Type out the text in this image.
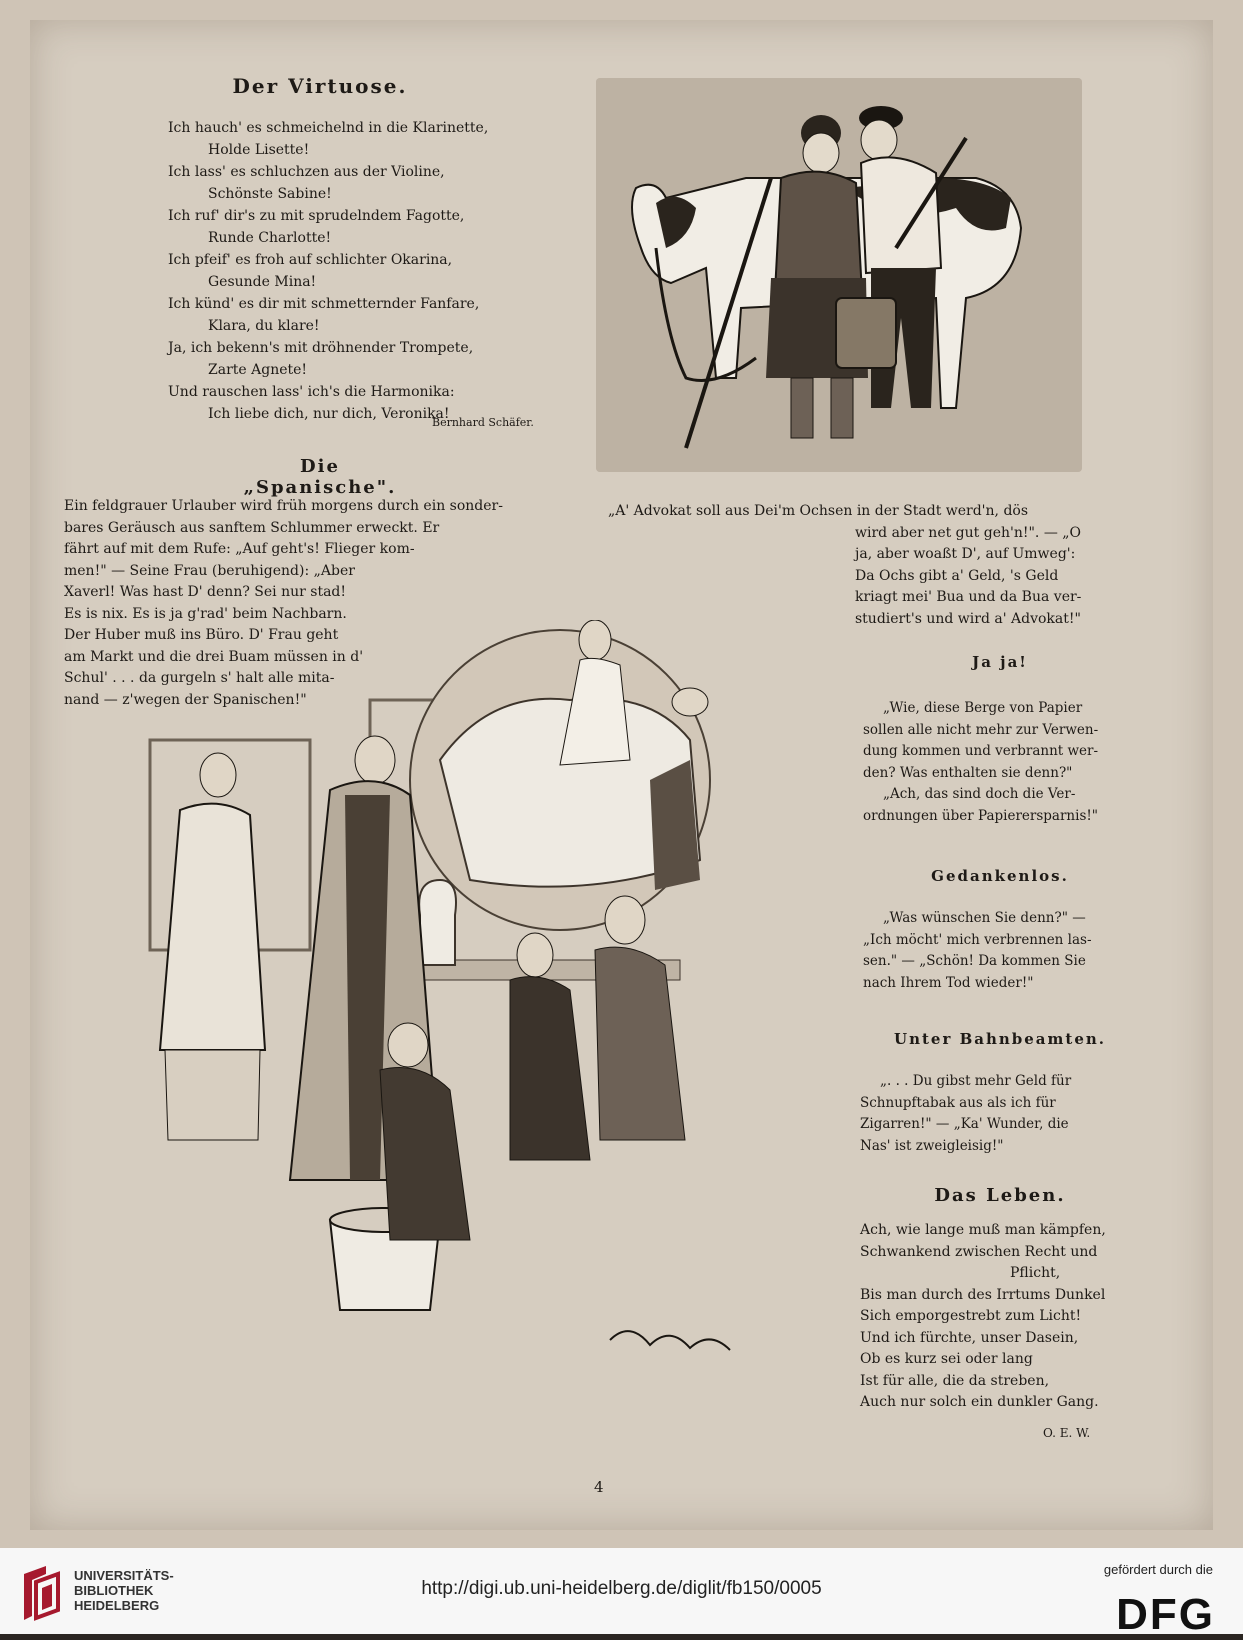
Der Virtuose.
Ich hauch' es schmeichelnd in die Klarinette,
Holde Lisette!
Ich lass' es schluchzen aus der Violine,
Schönste Sabine!
Ich ruf' dir's zu mit sprudelndem Fagotte,
Runde Charlotte!
Ich pfeif' es froh auf schlichter Okarina,
Gesunde Mina!
Ich künd' es dir mit schmetternder Fanfare,
Klara, du klare!
Ja, ich bekenn's mit dröhnender Trompete,
Zarte Agnete!
Und rauschen lass' ich's die Harmonika:
Ich liebe dich, nur dich, Veronika!
Bernhard Schäfer.
Die „Spanische".
Ein feldgrauer Urlauber wird früh morgens durch ein sonder-
bares Geräusch aus sanftem Schlummer erweckt. Er
fährt auf mit dem Rufe: „Auf geht's! Flieger kom-
men!" — Seine Frau (beruhigend): „Aber
Xaverl! Was hast D' denn? Sei nur stad!
Es is nix. Es is ja g'rad' beim Nachbarn.
Der Huber muß ins Büro. D' Frau geht
am Markt und die drei Buam müssen in d'
Schul' . . . da gurgeln s' halt alle mita-
nand — z'wegen der Spanischen!"
„A' Advokat soll aus Dei'm Ochsen in der Stadt werd'n, dös
wird aber net gut geh'n!". — „O
ja, aber woaßt D', auf Umweg':
Da Ochs gibt a' Geld, 's Geld
kriagt mei' Bua und da Bua ver-
studiert's und wird a' Advokat!"
Ja ja!
„Wie, diese Berge von Papier
sollen alle nicht mehr zur Verwen-
dung kommen und verbrannt wer-
den? Was enthalten sie denn?"
„Ach, das sind doch die Ver-
ordnungen über Papierersparnis!"
Gedankenlos.
„Was wünschen Sie denn?" —
„Ich möcht' mich verbrennen las-
sen." — „Schön! Da kommen Sie
nach Ihrem Tod wieder!"
Unter Bahnbeamten.
„. . . Du gibst mehr Geld für
Schnupftabak aus als ich für
Zigarren!" — „Ka' Wunder, die
Nas' ist zweigleisig!"
Das Leben.
Ach, wie lange muß man kämpfen,
Schwankend zwischen Recht und
Pflicht,
Bis man durch des Irrtums Dunkel
Sich emporgestrebt zum Licht!
Und ich fürchte, unser Dasein,
Ob es kurz sei oder lang
Ist für alle, die da streben,
Auch nur solch ein dunkler Gang.
O. E. W.
4
UNIVERSITÄTS-
BIBLIOTHEK
HEIDELBERG
http://digi.ub.uni-heidelberg.de/diglit/fb150/0005
gefördert durch die
DFG
